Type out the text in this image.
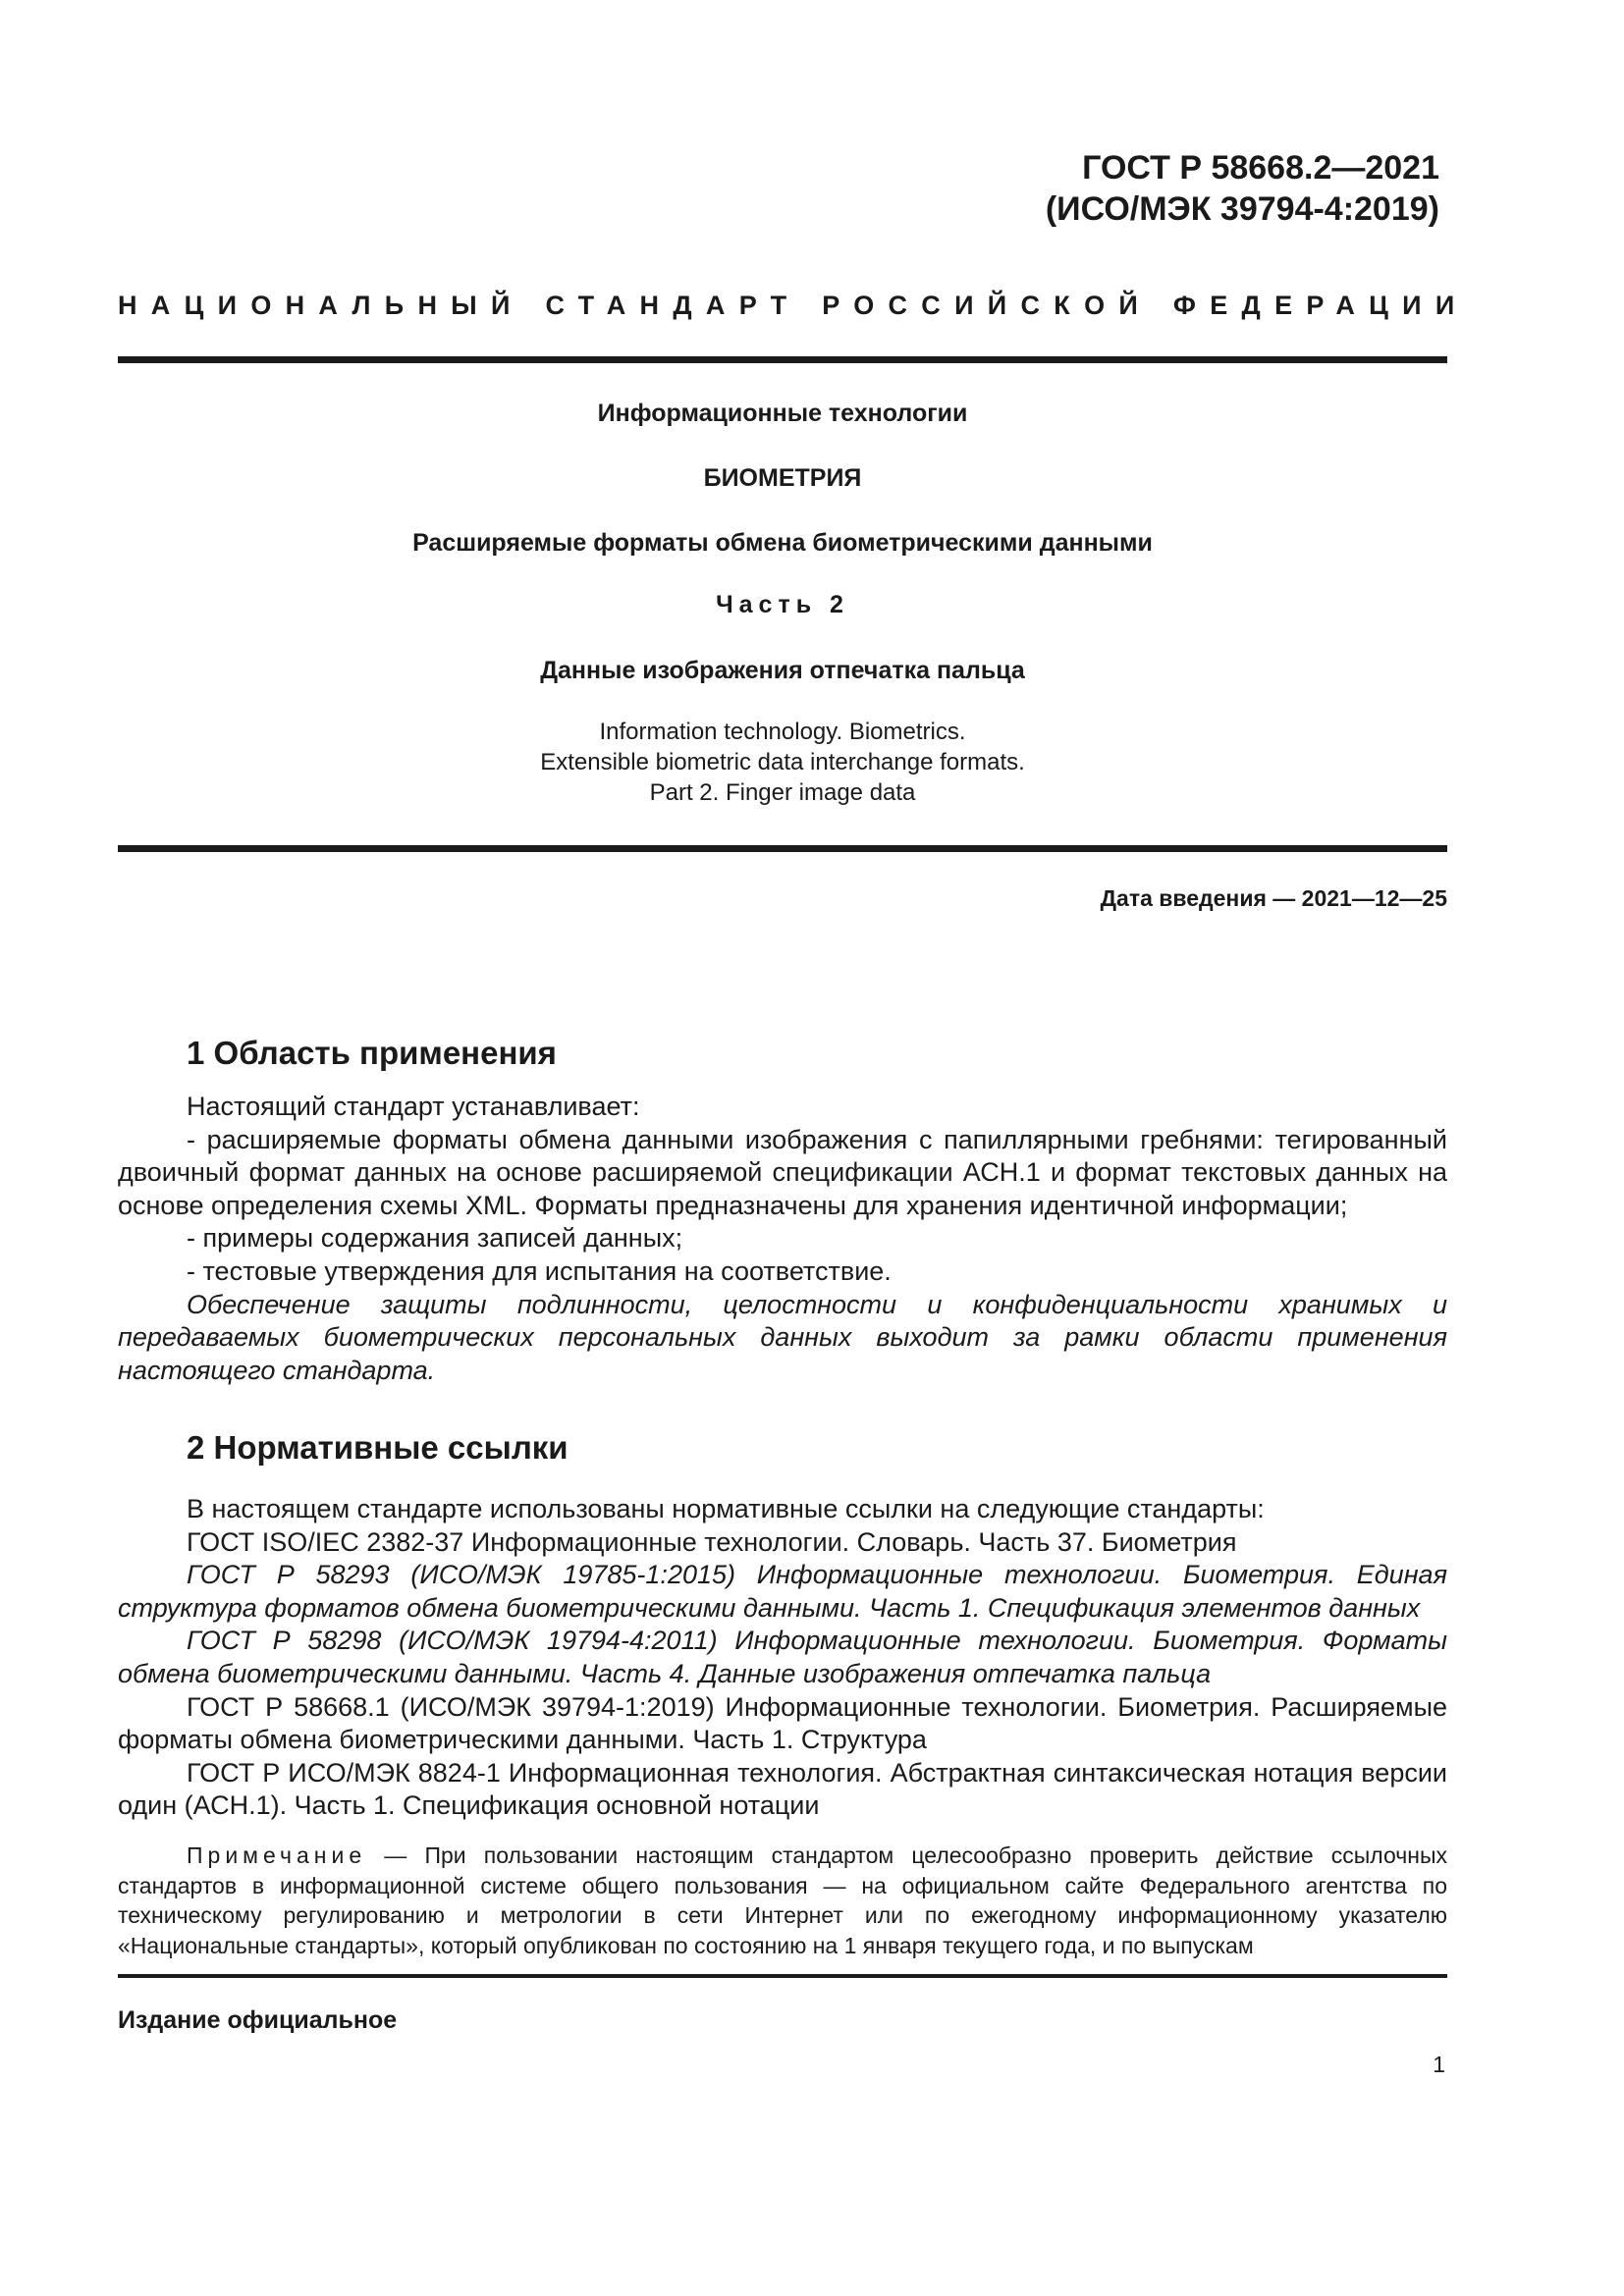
ГОСТ Р 58668.2—2021
(ИСО/МЭК 39794-4:2019)
НАЦИОНАЛЬНЫЙ СТАНДАРТ РОССИЙСКОЙ ФЕДЕРАЦИИ
Информационные технологии
БИОМЕТРИЯ
Расширяемые форматы обмена биометрическими данными
Часть 2
Данные изображения отпечатка пальца
Information technology. Biometrics.
Extensible biometric data interchange formats.
Part 2. Finger image data
Дата введения — 2021—12—25
1 Область применения

Настоящий стандарт устанавливает:

- расширяемые форматы обмена данными изображения с папиллярными гребнями: тегированный двоичный формат данных на основе расширяемой спецификации АСН.1 и формат текстовых данных на основе определения схемы XML. Форматы предназначены для хранения идентичной информации;

- примеры содержания записей данных;

- тестовые утверждения для испытания на соответствие.

Обеспечение защиты подлинности, целостности и конфиденциальности хранимых и передаваемых биометрических персональных данных выходит за рамки области применения настоящего стандарта.

2 Нормативные ссылки

В настоящем стандарте использованы нормативные ссылки на следующие стандарты:

ГОСТ ISO/IEC 2382-37 Информационные технологии. Словарь. Часть 37. Биометрия

ГОСТ Р 58293 (ИСО/МЭК 19785-1:2015) Информационные технологии. Биометрия. Единая структура форматов обмена биометрическими данными. Часть 1. Спецификация элементов данных

ГОСТ Р 58298 (ИСО/МЭК 19794-4:2011) Информационные технологии. Биометрия. Форматы обмена биометрическими данными. Часть 4. Данные изображения отпечатка пальца

ГОСТ Р 58668.1 (ИСО/МЭК 39794-1:2019) Информационные технологии. Биометрия. Расширяемые форматы обмена биометрическими данными. Часть 1. Структура

ГОСТ Р ИСО/МЭК 8824-1 Информационная технология. Абстрактная синтаксическая нотация версии один (АСН.1). Часть 1. Спецификация основной нотации

Примечание — При пользовании настоящим стандартом целесообразно проверить действие ссылочных стандартов в информационной системе общего пользования — на официальном сайте Федерального агентства по техническому регулированию и метрологии в сети Интернет или по ежегодному информационному указателю «Национальные стандарты», который опубликован по состоянию на 1 января текущего года, и по выпускам

Издание официальное
1
